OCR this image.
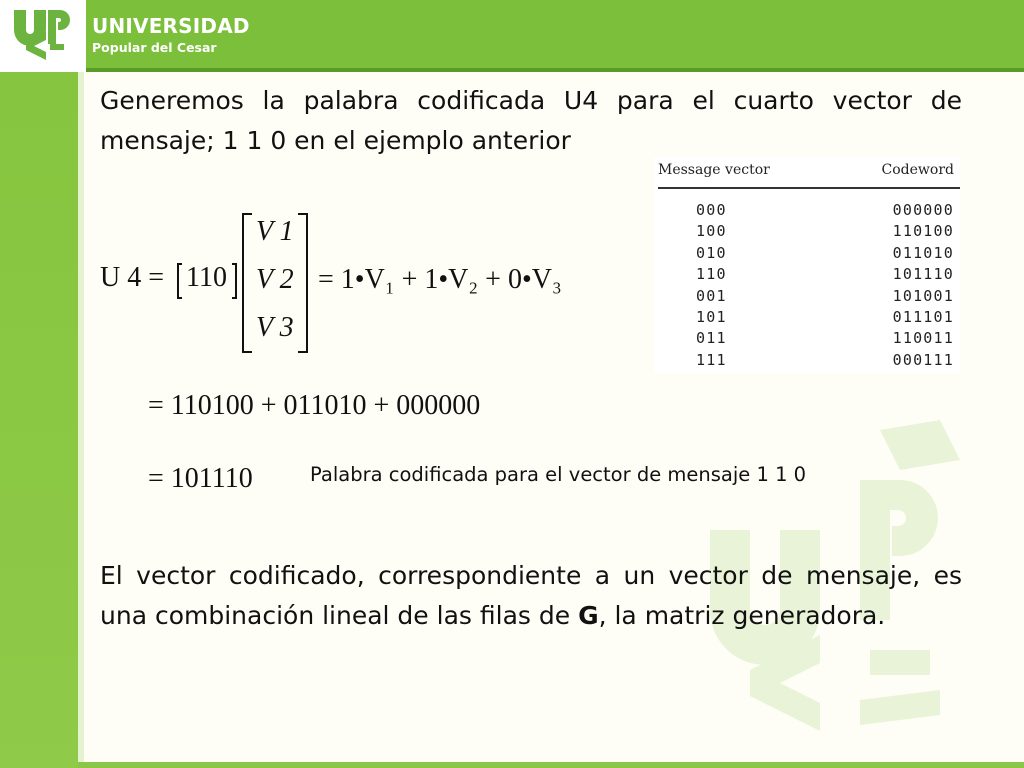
UNIVERSIDAD
Popular del Cesar
Generemos la palabra codificada U4 para el cuarto vector de mensaje; 1 1 0 en el ejemplo anterior
U 4 = 110
V 1
V 2
V 3
= 1•V₁ + 1•V₂ + 0•V₃
= 110100 + 011010 + 000000
= 101110	Palabra codificada para el vector de mensaje 1 1 0
Message vector	Codeword
000	000000
100	110100
010	011010
110	101110
001	101001
101	011101
011	110011
111	000111
El vector codificado, correspondiente a un vector de mensaje, es una combinación lineal de las filas de G, la matriz generadora.
